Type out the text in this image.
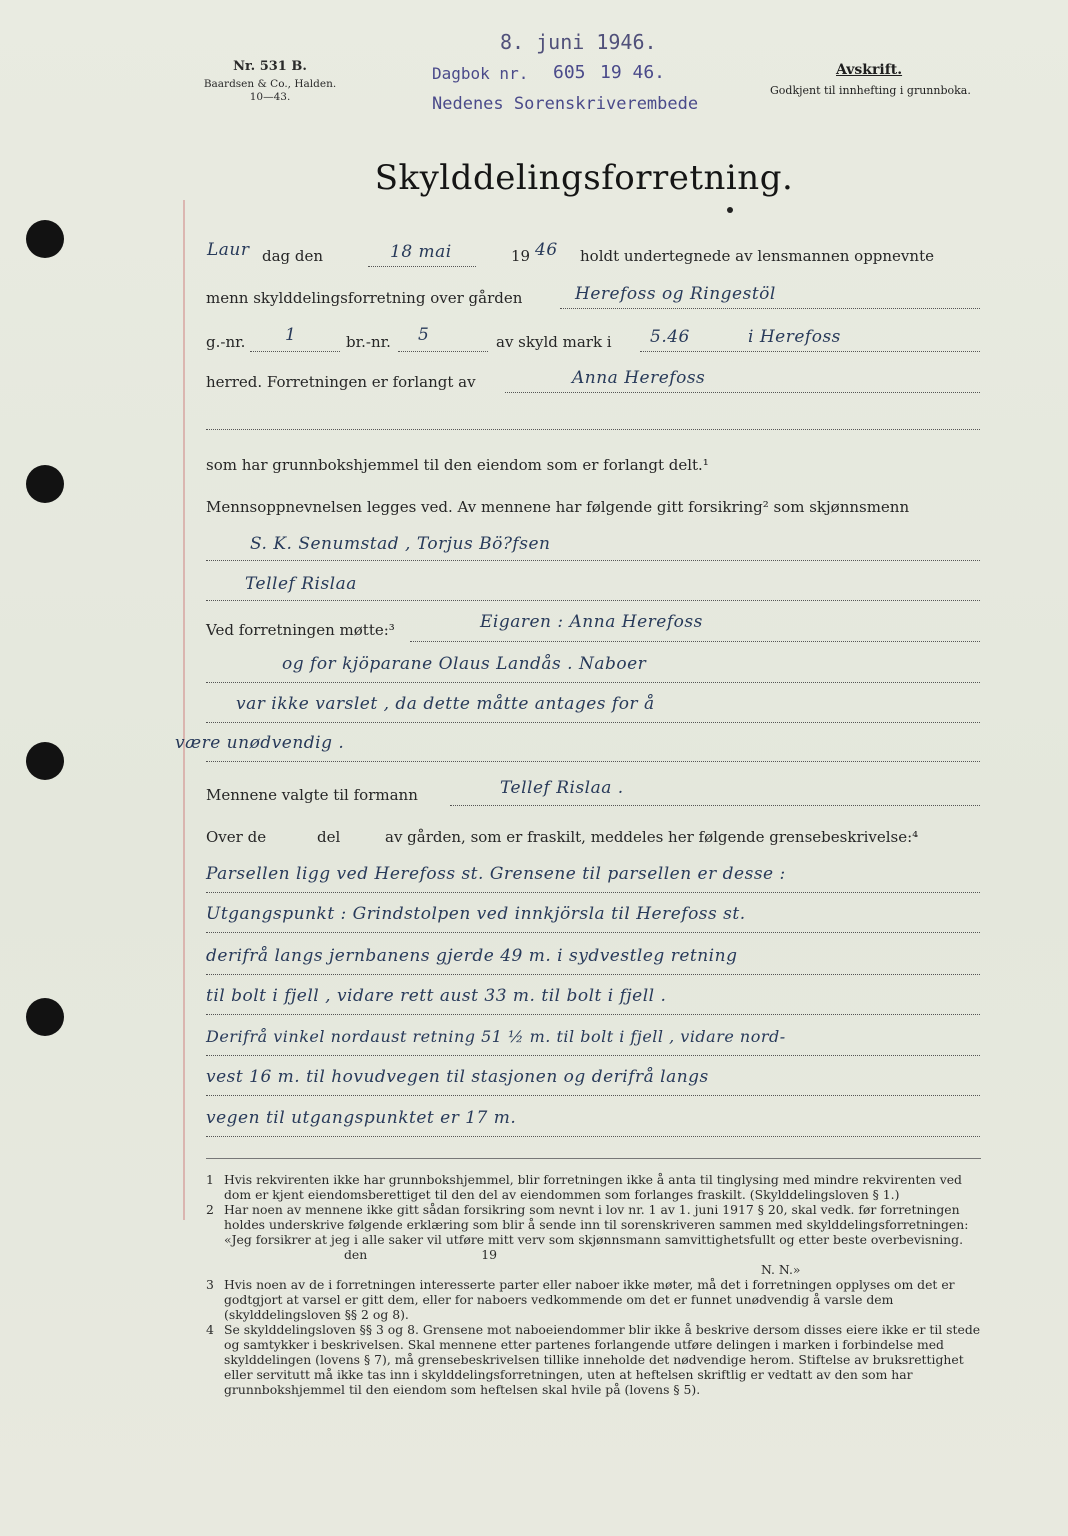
Nr. 531 B.
Baardsen & Co., Halden.
10—43.
8. juni 1946.
Dagbok nr. 605 19 46.
Nedenes Sorenskriverembede
Avskrift.
Godkjent til innhefting i grunnboka.
Skylddelingsforretning.
Laur dag den	18 mai	19 46 holdt undertegnede av lensmannen oppnevnte
menn skylddelingsforretning over gården	Herefoss og Ringestöl
g.-nr. 1	br.-nr. 5	av skyld mark i 5.46	i Herefoss
herred. Forretningen er forlangt av	Anna Herefoss
som har grunnbokshjemmel til den eiendom som er forlangt delt.¹
Mennsoppnevnelsen legges ved. Av mennene har følgende gitt forsikring² som skjønnsmenn
S. K. Senumstad , Torjus Bö?fsen
Tellef Rislaa
Ved forretningen møtte:³	Eigaren : Anna Herefoss
og for kjöparane Olaus Landås . Naboer
var ikke varslet , da dette måtte antages for å
være unødvendig .
Mennene valgte til formann	Tellef Rislaa .
Over de	del	av gården, som er fraskilt, meddeles her følgende grensebeskrivelse:⁴
Parsellen ligg ved Herefoss st. Grensene til parsellen er desse :
Utgangspunkt : Grindstolpen ved innkjörsla til Herefoss st.
derifrå langs jernbanens gjerde 49 m. i sydvestleg retning
til bolt i fjell , vidare rett aust 33 m. til bolt i fjell .
Derifrå vinkel nordaust retning 51 ½ m. til bolt i fjell , vidare nord-
vest 16 m. til hovudvegen til stasjonen og derifrå langs
vegen til utgangspunktet er 17 m.

1 Hvis rekvirenten ikke har grunnbokshjemmel, blir forretningen ikke å anta til tinglysing med mindre rekvirenten ved dom er kjent eiendomsberettiget til den del av eiendommen som forlanges fraskilt. (Skylddelingsloven § 1.)

2 Har noen av mennene ikke gitt sådan forsikring som nevnt i lov nr. 1 av 1. juni 1917 § 20, skal vedk. før forretningen holdes underskrive følgende erklæring som blir å sende inn til sorenskriveren sammen med skylddelingsforretningen: «Jeg forsikrer at jeg i alle saker vil utføre mitt verv som skjønnsmann samvittighetsfullt og etter beste overbevisning. den	19

N. N.»

3 Hvis noen av de i forretningen interesserte parter eller naboer ikke møter, må det i forretningen opplyses om det er godtgjort at varsel er gitt dem, eller for naboers vedkommende om det er funnet unødvendig å varsle dem (skylddelingsloven §§ 2 og 8).

4 Se skylddelingsloven §§ 3 og 8. Grensene mot naboeiendommer blir ikke å beskrive dersom disses eiere ikke er til stede og samtykker i beskrivelsen. Skal mennene etter partenes forlangende utføre delingen i marken i forbindelse med skylddelingen (lovens § 7), må grensebeskrivelsen tillike inneholde det nødvendige herom. Stiftelse av bruksrettighet eller servitutt må ikke tas inn i skylddelingsforretningen, uten at heftelsen skriftlig er vedtatt av den som har grunnbokshjemmel til den eiendom som heftelsen skal hvile på (lovens § 5).
